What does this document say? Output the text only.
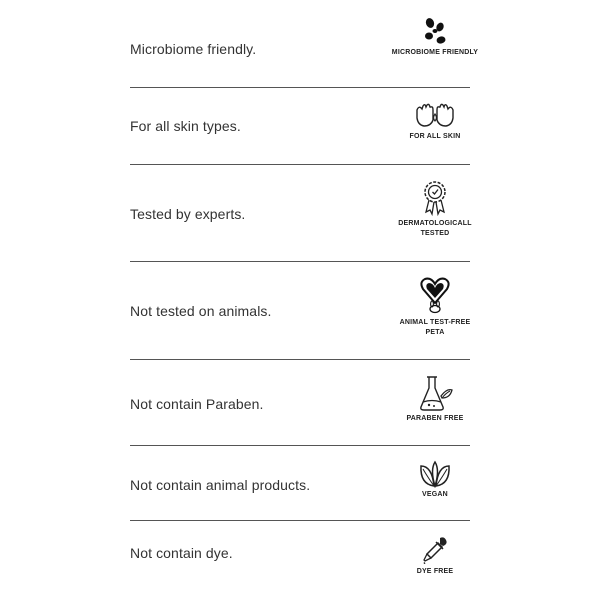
Microbiome friendly.	MICROBIOME FRIENDLY
For all skin types.
FOR ALL SKIN
Tested by experts.
DERMATOLOGICALL TESTED
Not tested on animals.
ANIMAL TEST-FREE PETA
Not contain Paraben.
PARABEN FREE
Not contain animal products.
VEGAN
Not contain dye.
DYE FREE
